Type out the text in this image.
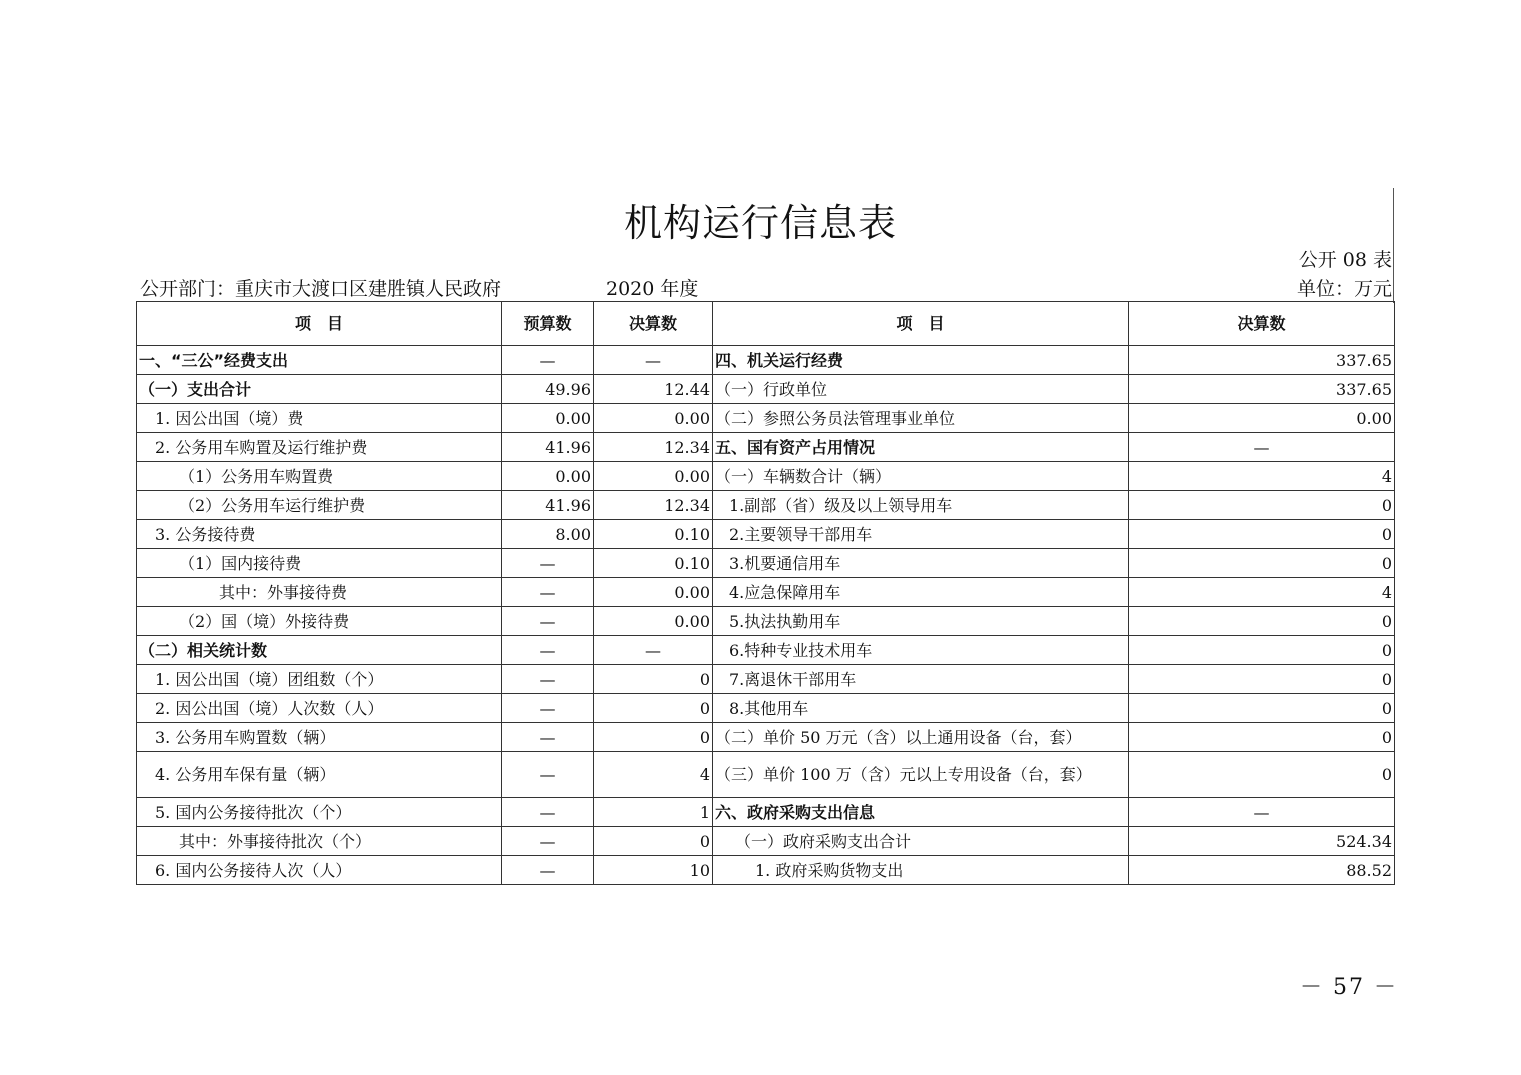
机构运行信息表
公开 08 表
公开部门：重庆市大渡口区建胜镇人民政府	2020 年度	单位：万元
项　目	预算数	决算数	项　目	决算数
一、“三公”经费支出	—	—	四、机关运行经费	337.65
（一）支出合计	49.96	12.44	（一）行政单位	337.65
1. 因公出国（境）费	0.00	0.00	（二）参照公务员法管理事业单位	0.00
2. 公务用车购置及运行维护费	41.96	12.34	五、国有资产占用情况	—
（1）公务用车购置费	0.00	0.00	（一）车辆数合计（辆）	4
（2）公务用车运行维护费	41.96	12.34	1.副部（省）级及以上领导用车	0
3. 公务接待费	8.00	0.10	2.主要领导干部用车	0
（1）国内接待费	—	0.10	3.机要通信用车	0
其中：外事接待费	—	0.00	4.应急保障用车	4
（2）国（境）外接待费	—	0.00	5.执法执勤用车	0
（二）相关统计数	—	—	6.特种专业技术用车	0
1. 因公出国（境）团组数（个）	—	0	7.离退休干部用车	0
2. 因公出国（境）人次数（人）	—	0	8.其他用车	0
3. 公务用车购置数（辆）	—	0	（二）单价 50 万元（含）以上通用设备（台，套）	0
4. 公务用车保有量（辆）	—	4	（三）单价 100 万（含）元以上专用设备（台，套）	0
5. 国内公务接待批次（个）	—	1	六、政府采购支出信息	—
其中：外事接待批次（个）	—	0	（一）政府采购支出合计	524.34
6. 国内公务接待人次（人）	—	10	1. 政府采购货物支出	88.52
－ 57 －
